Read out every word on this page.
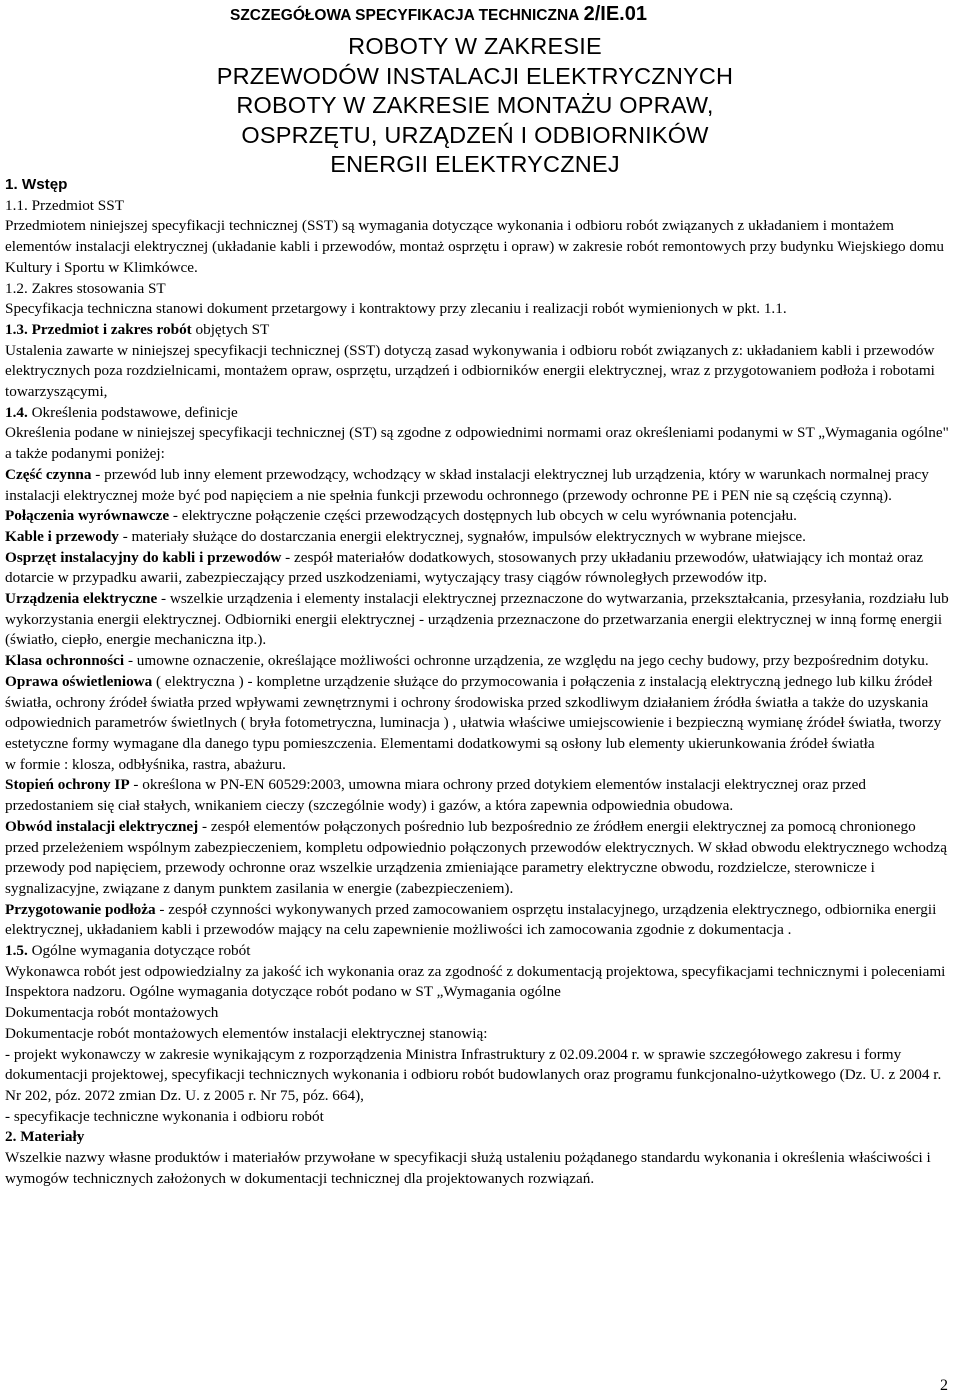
SZCZEGÓŁOWA SPECYFIKACJA TECHNICZNA 2/IE.01
ROBOTY W ZAKRESIE
PRZEWODÓW INSTALACJI ELEKTRYCZNYCH
ROBOTY W ZAKRESIE MONTAŻU OPRAW,
OSPRZĘTU, URZĄDZEŃ I ODBIORNIKÓW
ENERGII ELEKTRYCZNEJ

1. Wstęp

1.1. Przedmiot SST

Przedmiotem niniejszej specyfikacji technicznej (SST) są wymagania dotyczące wykonania i odbioru robót związanych z układaniem i montażem elementów instalacji elektrycznej (układanie kabli i przewodów, montaż osprzętu i opraw) w zakresie robót remontowych przy budynku Wiejskiego domu Kultury i Sportu w Klimkówce.

1.2. Zakres stosowania ST

Specyfikacja techniczna stanowi dokument przetargowy i kontraktowy przy zlecaniu i realizacji robót wymienionych w pkt. 1.1.

1.3. Przedmiot i zakres robót objętych ST

Ustalenia zawarte w niniejszej specyfikacji technicznej (SST) dotyczą zasad wykonywania i odbioru robót związanych z: układaniem kabli i przewodów elektrycznych poza rozdzielnicami, montażem opraw, osprzętu, urządzeń i odbiorników energii elektrycznej, wraz z przygotowaniem podłoża i robotami towarzyszącymi,

1.4. Określenia podstawowe, definicje

Określenia podane w niniejszej specyfikacji technicznej (ST) są zgodne z odpowiednimi normami oraz określeniami podanymi w ST „Wymagania ogólne" a także podanymi poniżej:

Część czynna - przewód lub inny element przewodzący, wchodzący w skład instalacji elektrycznej lub urządzenia, który w warunkach normalnej pracy instalacji elektrycznej może być pod napięciem a nie spełnia funkcji przewodu ochronnego (przewody ochronne PE i PEN nie są częścią czynną).

Połączenia wyrównawcze - elektryczne połączenie części przewodzących dostępnych lub obcych w celu wyrównania potencjału.

Kable i przewody - materiały służące do dostarczania energii elektrycznej, sygnałów, impulsów elektrycznych w wybrane miejsce.

Osprzęt instalacyjny do kabli i przewodów - zespół materiałów dodatkowych, stosowanych przy układaniu przewodów, ułatwiający ich montaż oraz dotarcie w przypadku awarii, zabezpieczający przed uszkodzeniami, wytyczający trasy ciągów równoległych przewodów itp.

Urządzenia elektryczne - wszelkie urządzenia i elementy instalacji elektrycznej przeznaczone do wytwarzania, przekształcania, przesyłania, rozdziału lub wykorzystania energii elektrycznej. Odbiorniki energii elektrycznej - urządzenia przeznaczone do przetwarzania energii elektrycznej w inną formę energii (światło, ciepło, energie mechaniczna itp.).

Klasa ochronności - umowne oznaczenie, określające możliwości ochronne urządzenia, ze względu na jego cechy budowy, przy bezpośrednim dotyku.

Oprawa oświetleniowa ( elektryczna ) - kompletne urządzenie służące do przymocowania i połączenia z instalacją elektryczną jednego lub kilku źródeł światła, ochrony źródeł światła przed wpływami zewnętrznymi i ochrony środowiska przed szkodliwym działaniem źródła światła a także do uzyskania odpowiednich parametrów świetlnych ( bryła fotometryczna, luminacja ) , ułatwia właściwe umiejscowienie i bezpieczną wymianę źródeł światła, tworzy estetyczne formy wymagane dla danego typu pomieszczenia. Elementami dodatkowymi są osłony lub elementy ukierunkowania źródeł światła

w formie : klosza, odbłyśnika, rastra, abażuru.

Stopień ochrony IP - określona w PN-EN 60529:2003, umowna miara ochrony przed dotykiem elementów instalacji elektrycznej oraz przed przedostaniem się ciał stałych, wnikaniem cieczy (szczególnie wody) i gazów, a która zapewnia odpowiednia obudowa.

Obwód instalacji elektrycznej - zespół elementów połączonych pośrednio lub bezpośrednio ze źródłem energii elektrycznej za pomocą chronionego przed przeleżeniem wspólnym zabezpieczeniem, kompletu odpowiednio połączonych przewodów elektrycznych. W skład obwodu elektrycznego wchodzą przewody pod napięciem, przewody ochronne oraz wszelkie urządzenia zmieniające parametry elektryczne obwodu, rozdzielcze, sterownicze i sygnalizacyjne, związane z danym punktem zasilania w energie (zabezpieczeniem).

Przygotowanie podłoża - zespół czynności wykonywanych przed zamocowaniem osprzętu instalacyjnego, urządzenia elektrycznego, odbiornika energii elektrycznej, układaniem kabli i przewodów mający na celu zapewnienie możliwości ich zamocowania zgodnie z dokumentacja .

1.5. Ogólne wymagania dotyczące robót

Wykonawca robót jest odpowiedzialny za jakość ich wykonania oraz za zgodność z dokumentacją projektowa, specyfikacjami technicznymi i poleceniami Inspektora nadzoru. Ogólne wymagania dotyczące robót podano w ST „Wymagania ogólne

Dokumentacja robót montażowych

Dokumentacje robót montażowych elementów instalacji elektrycznej stanowią:

- projekt wykonawczy w zakresie wynikającym z rozporządzenia Ministra Infrastruktury z 02.09.2004 r. w sprawie szczegółowego zakresu i formy dokumentacji projektowej, specyfikacji technicznych wykonania i odbioru robót budowlanych oraz programu funkcjonalno-użytkowego (Dz. U. z 2004 r. Nr 202, póz. 2072 zmian Dz. U. z 2005 r. Nr 75, póz. 664),

- specyfikacje techniczne wykonania i odbioru robót

2. Materiały

Wszelkie nazwy własne produktów i materiałów przywołane w specyfikacji służą ustaleniu pożądanego standardu wykonania i określenia właściwości i wymogów technicznych założonych w dokumentacji technicznej dla projektowanych rozwiązań.

2
